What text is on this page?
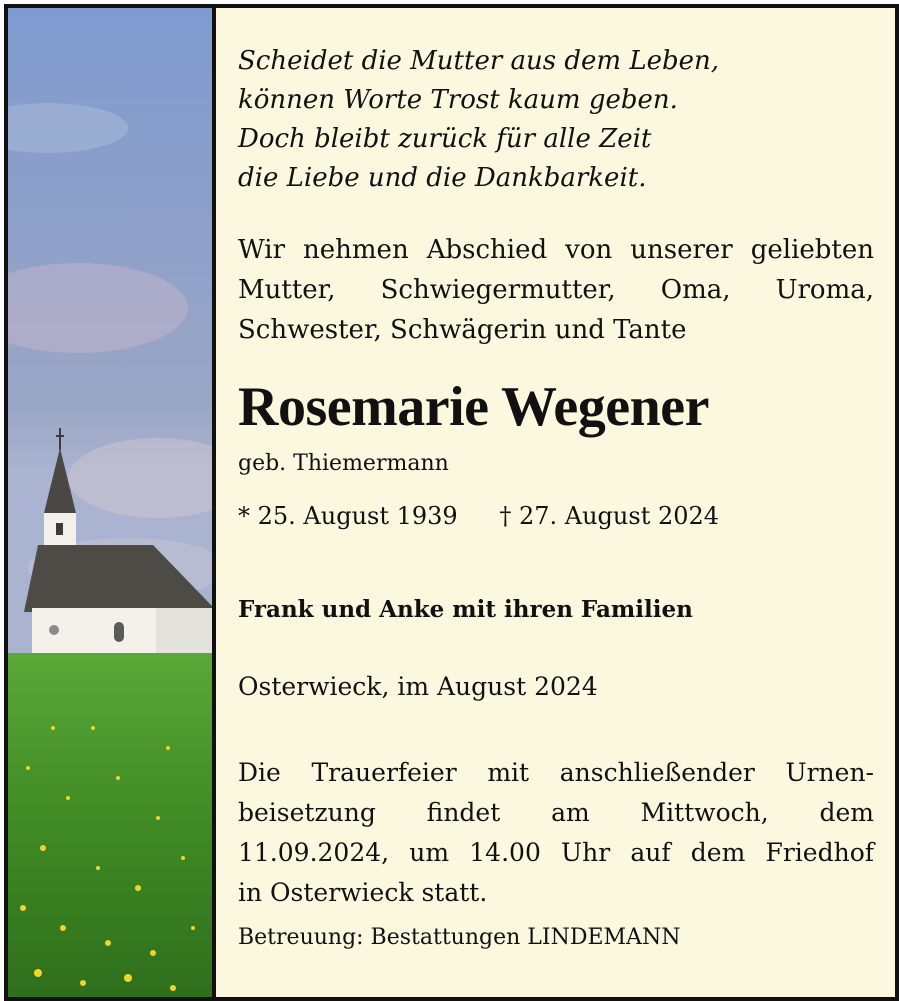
Scheidet die Mutter aus dem Leben,
können Worte Trost kaum geben.
Doch bleibt zurück für alle Zeit
die Liebe und die Dankbarkeit.
Wir nehmen Abschied von unserer geliebten
Mutter, Schwiegermutter, Oma, Uroma,
Schwester, Schwägerin und Tante
Rosemarie Wegener
geb. Thiemermann
* 25. August 1939 † 27. August 2024
Frank und Anke mit ihren Familien
Osterwieck, im August 2024
Die Trauerfeier mit anschließender Urnen-
beisetzung findet am Mittwoch, dem
11.09.2024, um 14.00 Uhr auf dem Friedhof
in Osterwieck statt.
Betreuung: Bestattungen LINDEMANN
